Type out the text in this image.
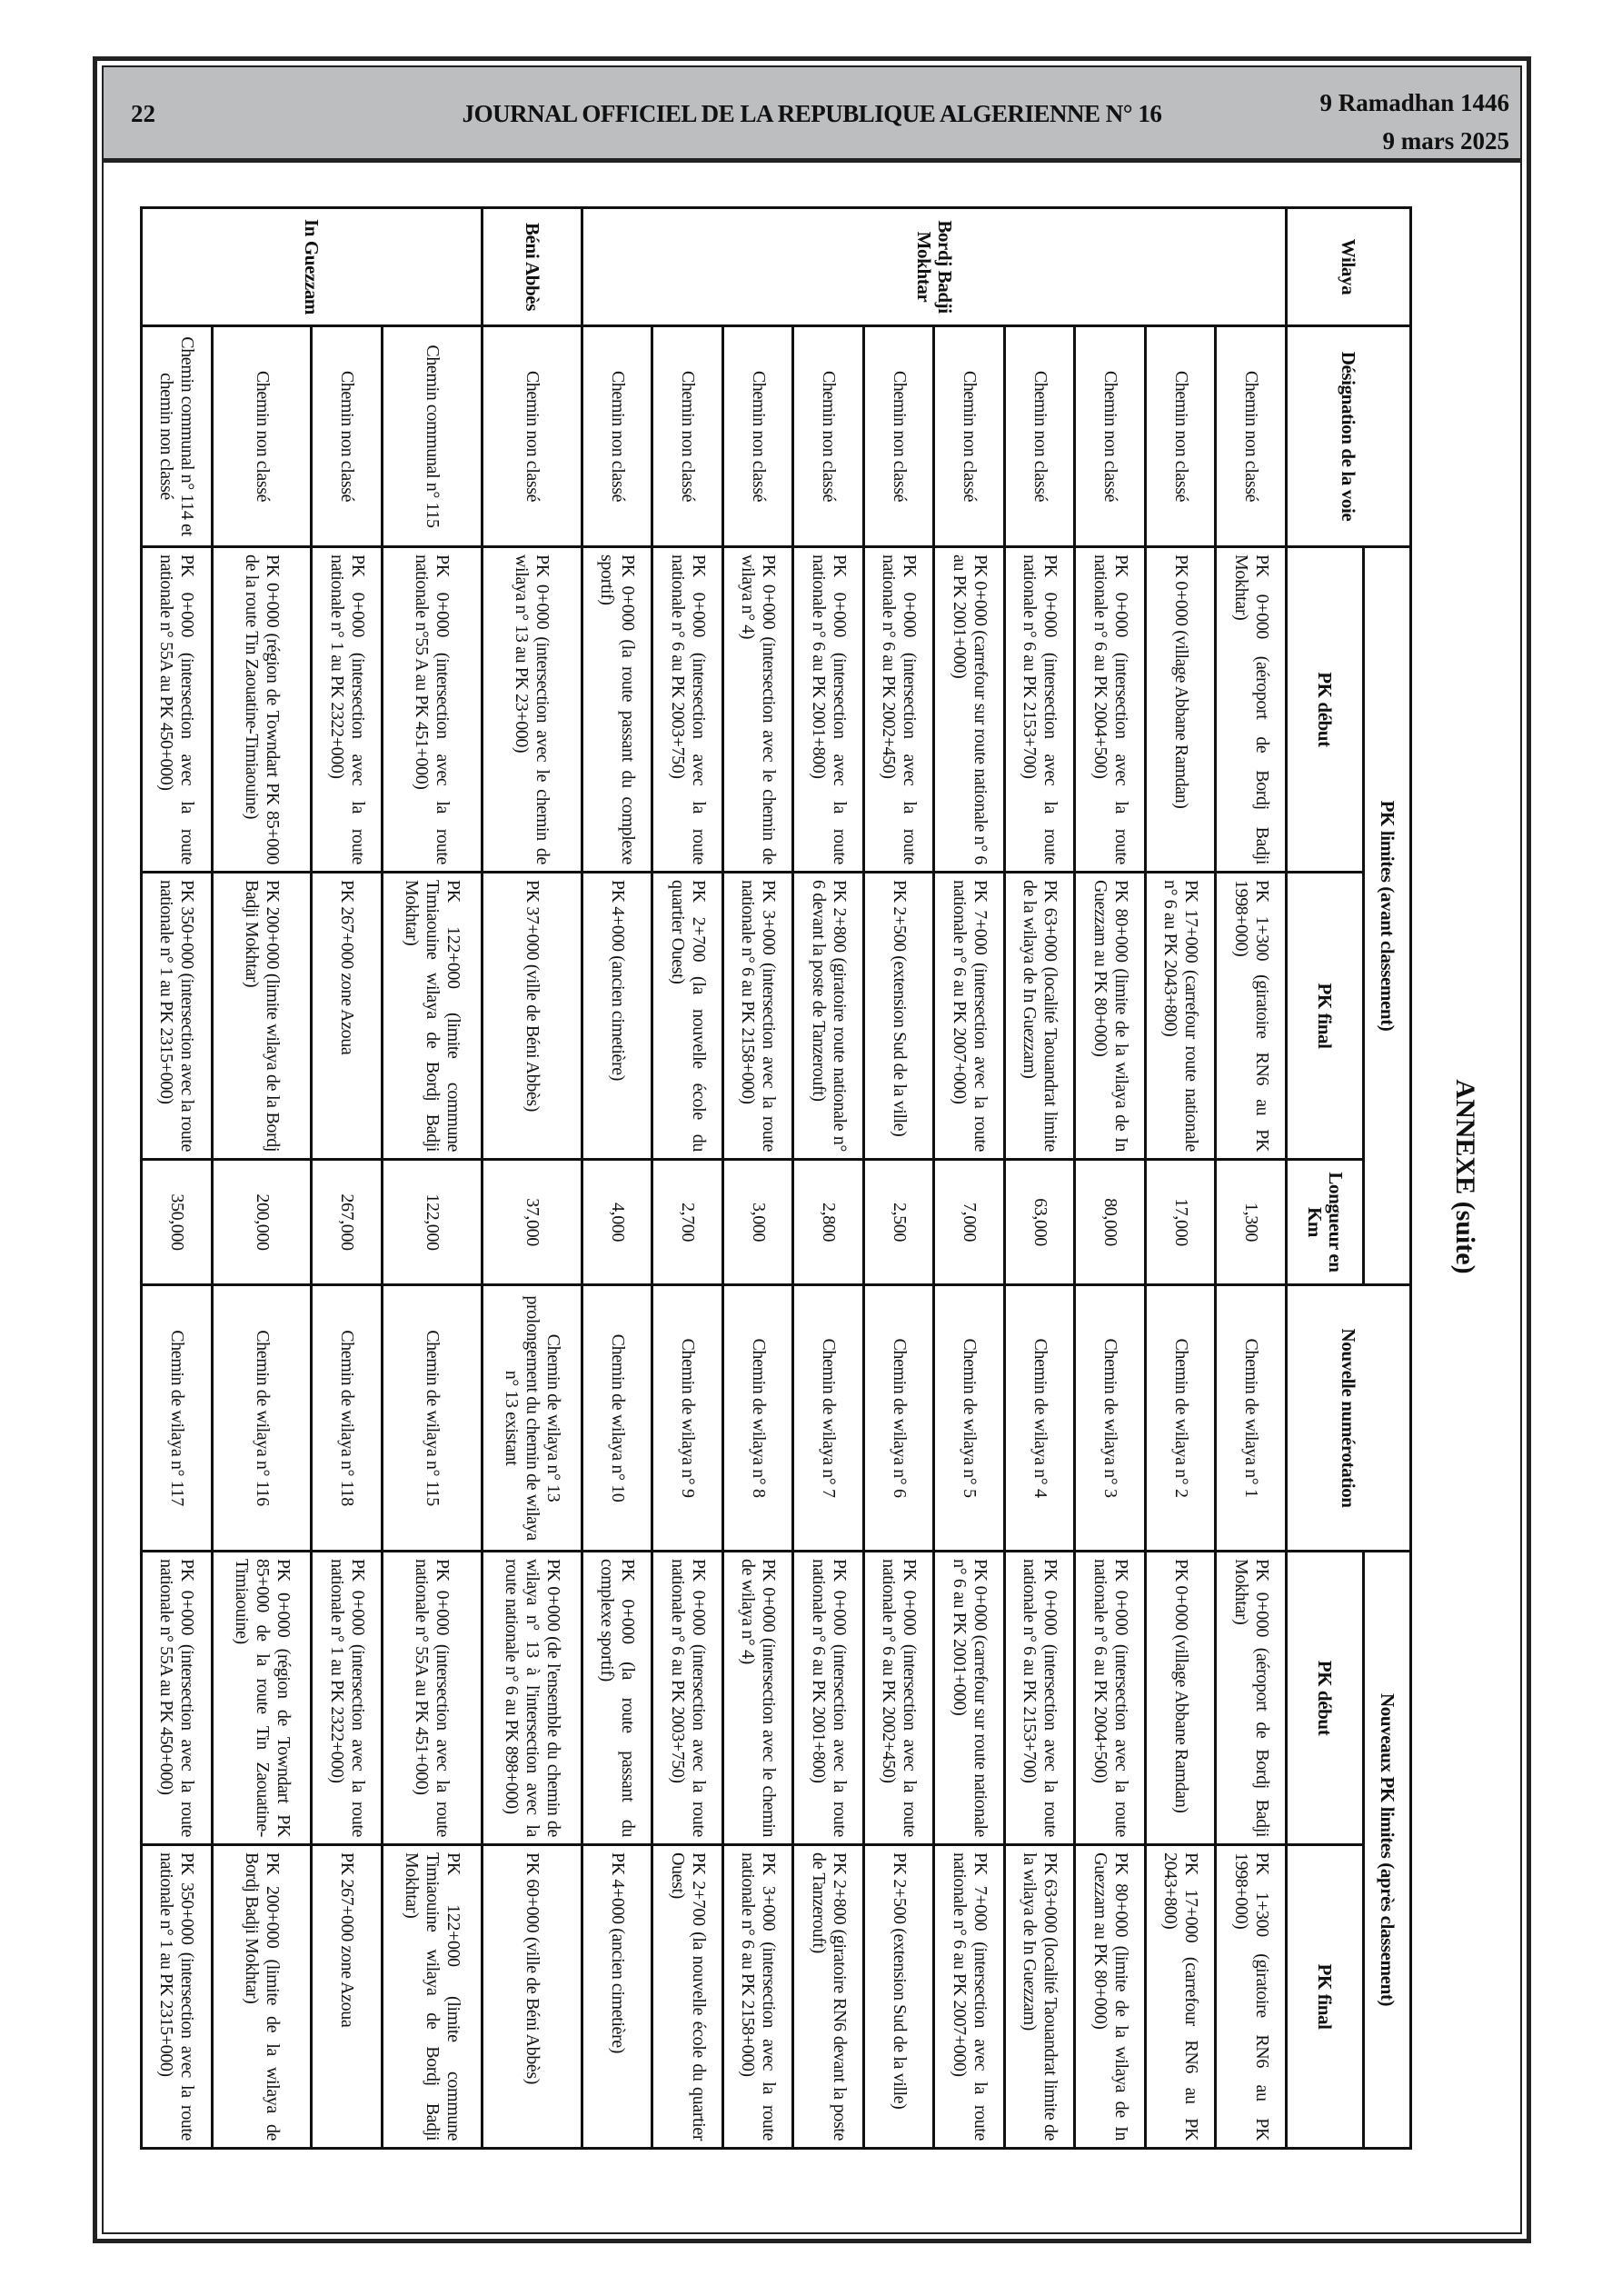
22	JOURNAL OFFICIEL DE LA REPUBLIQUE ALGERIENNE N° 16	9 Ramadhan 1446
9 mars 2025
ANNEXE (suite)
Wilaya	Désignation de la voie	PK limites (avant classement)			Nouvelle numérotation	Nouveaux PK limites (après classement)	
		PK début	PK final	Longueur en Km		PK début	PK final
Bordj Badji Mokhtar	Chemin non classé	PK 0+000 (aéroport de Bordj Badji Mokhtar)	PK 1+300 (giratoire RN6 au PK 1998+000)	1,300	Chemin de wilaya n° 1	PK 0+000 (aéroport de Bordj Badji Mokhtar)	PK 1+300 (giratoire RN6 au PK 1998+000)
	Chemin non classé	PK 0+000 (village Abbane Ramdan)	PK 17+000 (carrefour route nationale n° 6 au PK 2043+800)	17,000	Chemin de wilaya n° 2	PK 0+000 (village Abbane Ramdan)	PK 17+000 (carrefour RN6 au PK 2043+800)
	Chemin non classé	PK 0+000 (intersection avec la route nationale n° 6 au PK 2004+500)	PK 80+000 (limite de la wilaya de In Guezzam au PK 80+000)	80,000	Chemin de wilaya n° 3	PK 0+000 (intersection avec la route nationale n° 6 au PK 2004+500)	PK 80+000 (limite de la wilaya de In Guezzam au PK 80+000)
	Chemin non classé	PK 0+000 (intersection avec la route nationale n° 6 au PK 2153+700)	PK 63+000 (localité Taouandrat limite de la wilaya de In Guezzam)	63,000	Chemin de wilaya n° 4	PK 0+000 (intersection avec la route nationale n° 6 au PK 2153+700)	PK 63+000 (localité Taouandrat limite de la wilaya de In Guezzam)
	Chemin non classé	PK 0+000 (carrefour sur route nationale n° 6 au PK 2001+000)	PK 7+000 (intersection avec la route nationale n° 6 au PK 2007+000)	7,000	Chemin de wilaya n° 5	PK 0+000 (carrefour sur route nationale n° 6 au PK 2001+000)	PK 7+000 (intersection avec la route nationale n° 6 au PK 2007+000)
	Chemin non classé	PK 0+000 (intersection avec la route nationale n° 6 au PK 2002+450)	PK 2+500 (extension Sud de la ville)	2,500	Chemin de wilaya n° 6	PK 0+000 (intersection avec la route nationale n° 6 au PK 2002+450)	PK 2+500 (extension Sud de la ville)
	Chemin non classé	PK 0+000 (intersection avec la route nationale n° 6 au PK 2001+800)	PK 2+800 (giratoire route nationale n° 6 devant la poste de Tanzerouft)	2,800	Chemin de wilaya n° 7	PK 0+000 (intersection avec la route nationale n° 6 au PK 2001+800)	PK 2+800 (giratoire RN6 devant la poste de Tanzerouft)
	Chemin non classé	PK 0+000 (intersection avec le chemin de wilaya n° 4)	PK 3+000 (intersection avec la route nationale n° 6 au PK 2158+000)	3,000	Chemin de wilaya n° 8	PK 0+000 (intersection avec le chemin de wilaya n° 4)	PK 3+000 (intersection avec la route nationale n° 6 au PK 2158+000)
	Chemin non classé	PK 0+000 (intersection avec la route nationale n° 6 au PK 2003+750)	PK 2+700 (la nouvelle école du quartier Ouest)	2,700	Chemin de wilaya n° 9	PK 0+000 (intersection avec la route nationale n° 6 au PK 2003+750)	PK 2+700 (la nouvelle école du quartier Ouest)
	Chemin non classé	PK 0+000 (la route passant du complexe sportif)	PK 4+000 (ancien cimetière)	4,000	Chemin de wilaya n° 10	PK 0+000 (la route passant du complexe sportif)	PK 4+000 (ancien cimetière)
Béni Abbès	Chemin non classé	PK 0+000 (intersection avec le chemin de wilaya n° 13 au PK 23+000)	PK 37+000 (ville de Béni Abbès)	37,000	Chemin de wilaya n° 13 prolongement du chemin de wilaya n° 13 existant	PK 0+000 (de l'ensemble du chemin de wilaya n° 13 à l'intersection avec la route nationale n° 6 au PK 898+000)	PK 60+000 (ville de Béni Abbès)
In Guezzam	Chemin communal n° 115	PK 0+000 (intersection avec la route nationale n°55 A au PK 451+000)	PK 122+000 (limite commune Timiaouine wilaya de Bordj Badji Mokhtar)	122,000	Chemin de wilaya n° 115	PK 0+000 (intersection avec la route nationale n° 55A au PK 451+000)	PK 122+000 (limite commune Timiaouine wilaya de Bordj Badji Mokhtar)
	Chemin non classé	PK 0+000 (intersection avec la route nationale n° 1 au PK 2322+000)	PK 267+000 zone Azoua	267,000	Chemin de wilaya n° 118	PK 0+000 (intersection avec la route nationale n° 1 au PK 2322+000)	PK 267+000 zone Azoua
	Chemin non classé	PK 0+000 (région de Towndart PK 85+000 de la route Tin Zaouatine-Timiaouine)	PK 200+000 (limite wilaya de la Bordj Badji Mokhtar)	200,000	Chemin de wilaya n° 116	PK 0+000 (région de Towndart PK 85+000 de la route Tin Zaouatine-Timiaouine)	PK 200+000 (limite de la wilaya de Bordj Badji Mokhtar)
	Chemin communal n° 114 et chemin non classé	PK 0+000 (intersection avec la route nationale n° 55A au PK 450+000)	PK 350+000 (intersection avec la route nationale n° 1 au PK 2315+000)	350,000	Chemin de wilaya n° 117	PK 0+000 (intersection avec la route nationale n° 55A au PK 450+000)	PK 350+000 (intersection avec la route nationale n° 1 au PK 2315+000)
